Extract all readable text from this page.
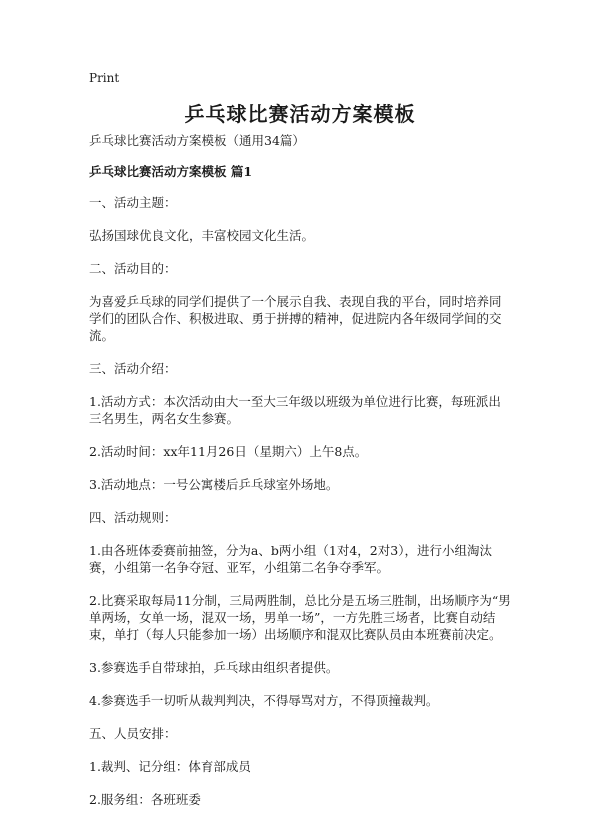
Print
乒乓球比赛活动方案模板

乒乓球比赛活动方案模板（通用34篇）

乒乓球比赛活动方案模板 篇1

一、活动主题：

弘扬国球优良文化，丰富校园文化生活。

二、活动目的：

为喜爱乒乓球的同学们提供了一个展示自我、表现自我的平台，同时培养同学们的团队合作、积极进取、勇于拼搏的精神，促进院内各年级同学间的交流。

三、活动介绍：

1.活动方式：本次活动由大一至大三年级以班级为单位进行比赛，每班派出三名男生，两名女生参赛。

2.活动时间：xx年11月26日（星期六）上午8点。

3.活动地点：一号公寓楼后乒乓球室外场地。

四、活动规则：

1.由各班体委赛前抽签，分为a、b两小组（1对4，2对3），进行小组淘汰赛，小组第一名争夺冠、亚军，小组第二名争夺季军。

2.比赛采取每局11分制，三局两胜制，总比分是五场三胜制，出场顺序为“男单两场，女单一场，混双一场，男单一场”，一方先胜三场者，比赛自动结束，单打（每人只能参加一场）出场顺序和混双比赛队员由本班赛前决定。

3.参赛选手自带球拍，乒乓球由组织者提供。

4.参赛选手一切听从裁判判决，不得辱骂对方，不得顶撞裁判。

五、人员安排：

1.裁判、记分组：体育部成员

2.服务组：各班班委
